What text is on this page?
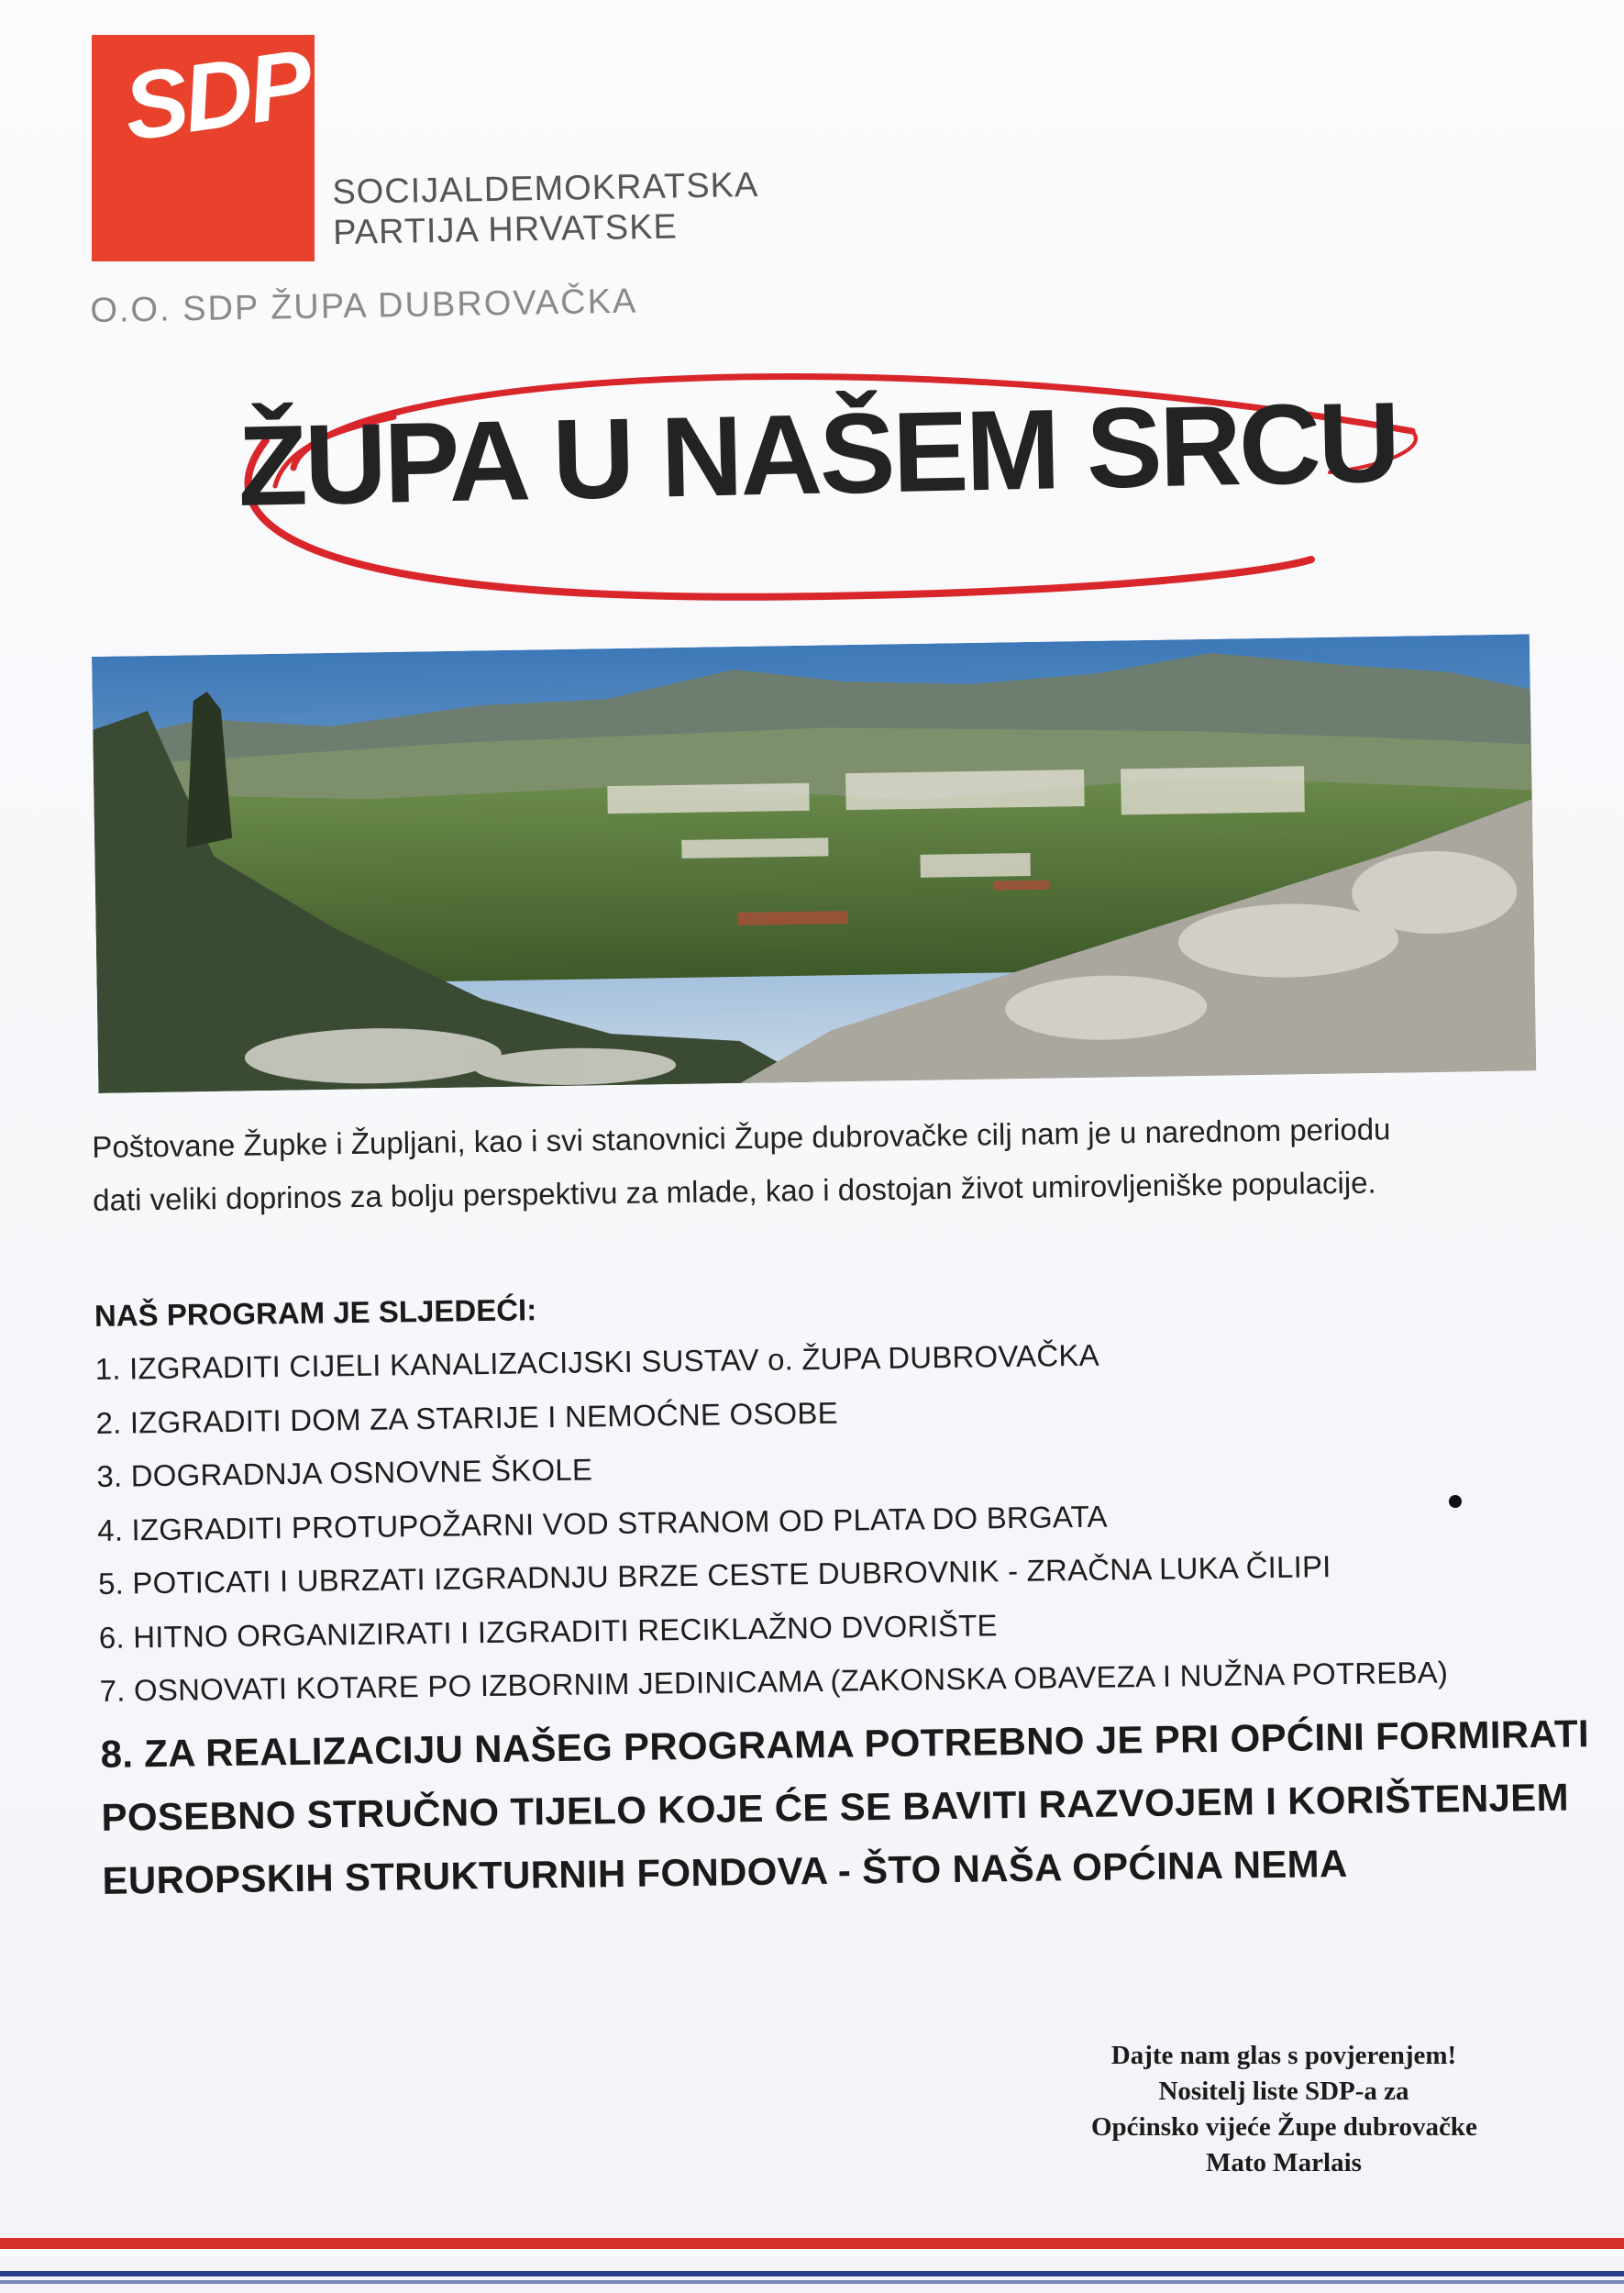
SDP
SOCIJALDEMOKRATSKA
PARTIJA HRVATSKE
O.O. SDP ŽUPA DUBROVAČKA
ŽUPA U NAŠEM SRCU

Poštovane Župke i Župljani, kao i svi stanovnici Župe dubrovačke cilj nam je u narednom periodu

dati veliki doprinos za bolju perspektivu za mlade, kao i dostojan život umirovljeniške populacije.

NAŠ PROGRAM JE SLJEDEĆI:
1. IZGRADITI CIJELI KANALIZACIJSKI SUSTAV o. ŽUPA DUBROVAČKA
2. IZGRADITI DOM ZA STARIJE I NEMOĆNE OSOBE
3. DOGRADNJA OSNOVNE ŠKOLE
4. IZGRADITI PROTUPOŽARNI VOD STRANOM OD PLATA DO BRGATA
5. POTICATI I UBRZATI IZGRADNJU BRZE CESTE DUBROVNIK - ZRAČNA LUKA ČILIPI
6. HITNO ORGANIZIRATI I IZGRADITI RECIKLAŽNO DVORIŠTE
7. OSNOVATI KOTARE PO IZBORNIM JEDINICAMA (ZAKONSKA OBAVEZA I NUŽNA POTREBA)
8. ZA REALIZACIJU NAŠEG PROGRAMA POTREBNO JE PRI OPĆINI FORMIRATI
POSEBNO STRUČNO TIJELO KOJE ĆE SE BAVITI RAZVOJEM I KORIŠTENJEM
EUROPSKIH STRUKTURNIH FONDOVA - ŠTO NAŠA OPĆINA NEMA
Dajte nam glas s povjerenjem!
Nositelj liste SDP-a za
Općinsko vijeće Župe dubrovačke
Mato Marlais
